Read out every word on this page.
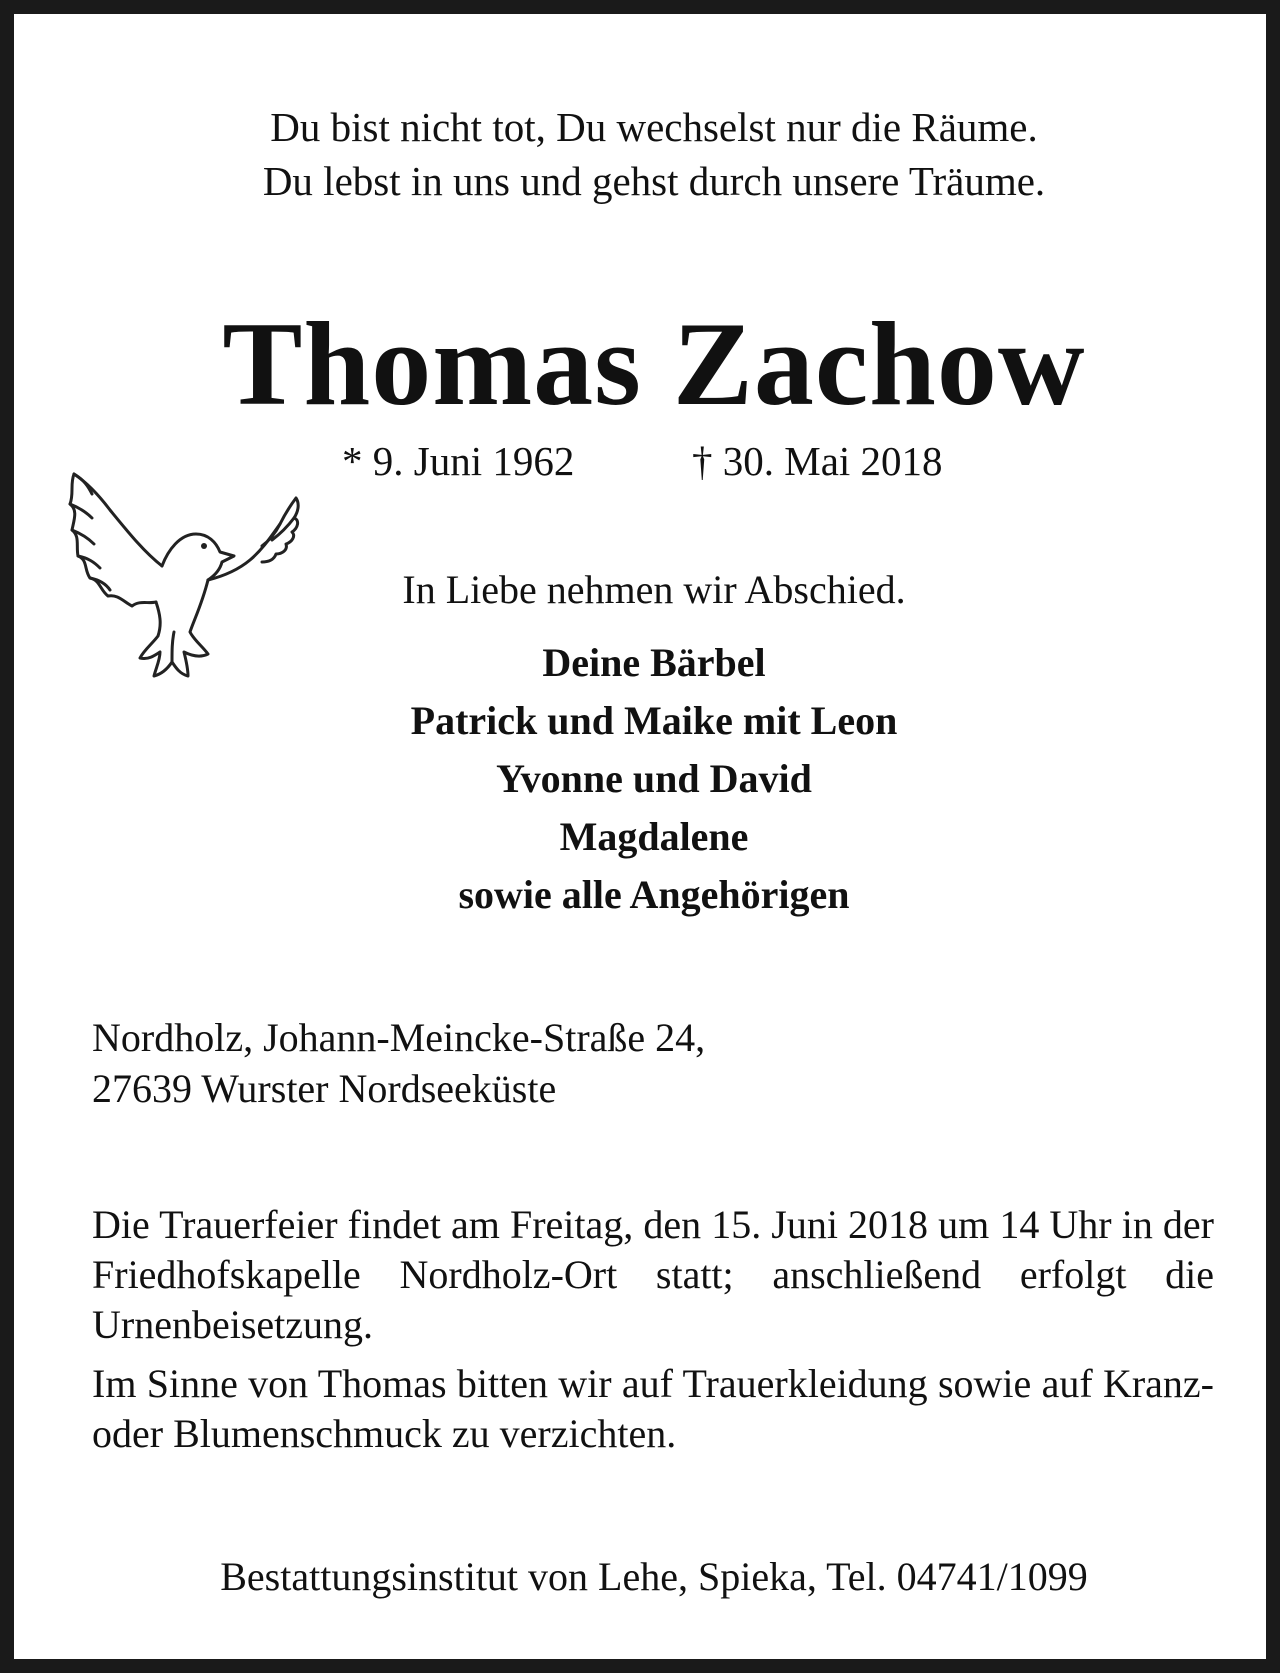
Du bist nicht tot, Du wechselst nur die Räume.
Du lebst in uns und gehst durch unsere Träume.
Thomas Zachow
* 9. Juni 1962	† 30. Mai 2018
In Liebe nehmen wir Abschied.
Deine Bärbel
Patrick und Maike mit Leon
Yvonne und David
Magdalene
sowie alle Angehörigen
Nordholz, Johann-Meincke-Straße 24,
27639 Wurster Nordseeküste
Die Trauerfeier findet am Freitag, den 15. Juni 2018 um 14 Uhr in der Friedhofskapelle Nordholz-Ort statt; anschließend erfolgt die Urnenbeisetzung.
Im Sinne von Thomas bitten wir auf Trauerkleidung sowie auf Kranz- oder Blumenschmuck zu verzichten.
Bestattungsinstitut von Lehe, Spieka, Tel. 04741/1099
